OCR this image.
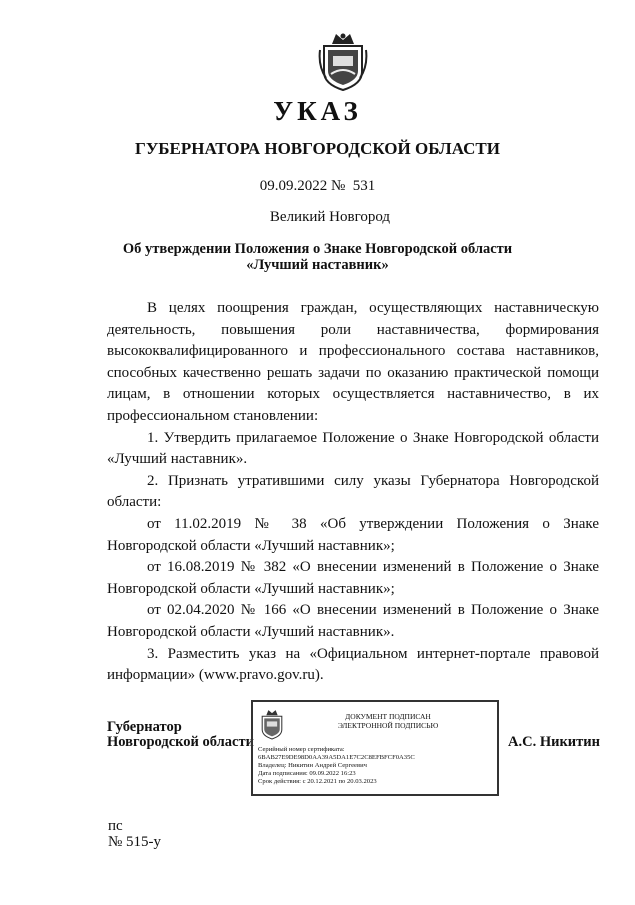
УКАЗ
ГУБЕРНАТОРА НОВГОРОДСКОЙ ОБЛАСТИ
09.09.2022 № 531
Великий Новгород
Об утверждении Положения о Знаке Новгородской области
«Лучший наставник»

В целях поощрения граждан, осуществляющих наставническую деятельность, повышения роли наставничества, формирования высококвалифицированного и профессионального состава наставников, способных качественно решать задачи по оказанию практической помощи лицам, в отношении которых осуществляется наставничество, в их профессиональном становлении:

1. Утвердить прилагаемое Положение о Знаке Новгородской области «Лучший наставник».

2. Признать утратившими силу указы Губернатора Новгородской области:

от 11.02.2019 № 38 «Об утверждении Положения о Знаке Новгородской области «Лучший наставник»;

от 16.08.2019 № 382 «О внесении изменений в Положение о Знаке Новгородской области «Лучший наставник»;

от 02.04.2020 № 166 «О внесении изменений в Положение о Знаке Новгородской области «Лучший наставник».

3. Разместить указ на «Официальном интернет-портале правовой информации» (www.pravo.gov.ru).

Губернатор
Новгородской области
ДОКУМЕНТ ПОДПИСАН
ЭЛЕКТРОННОЙ ПОДПИСЬЮ
Серийный номер сертификата:
6BAB27E9DE98D0AA39A5DA1E7C2C8EFBFCF0A35C
Владелец: Никитин Андрей Сергеевич
Дата подписания: 09.09.2022 16:23
Срок действия: с 20.12.2021 по 20.03.2023
А.С. Никитин
пс
№ 515-у
